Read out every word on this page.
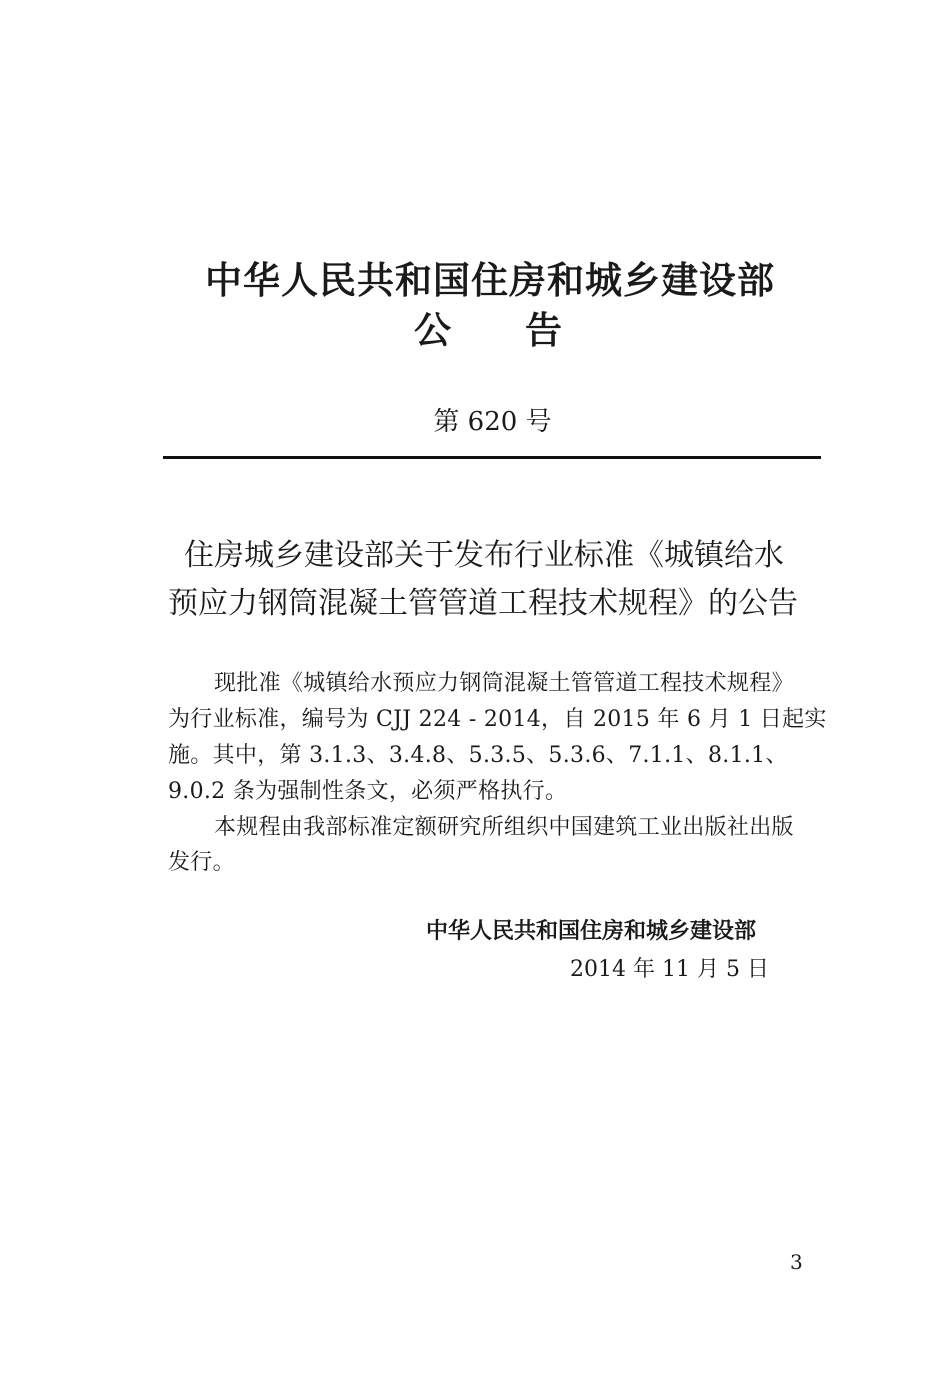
中华人民共和国住房和城乡建设部
公告
第 620 号
住房城乡建设部关于发布行业标准《城镇给水
预应力钢筒混凝土管管道工程技术规程》的公告
现批准《城镇给水预应力钢筒混凝土管管道工程技术规程》
为行业标准，编号为 CJJ 224 - 2014，自 2015 年 6 月 1 日起实
施。其中，第 3.1.3、3.4.8、5.3.5、5.3.6、7.1.1、8.1.1、
9.0.2 条为强制性条文，必须严格执行。
本规程由我部标准定额研究所组织中国建筑工业出版社出版
发行。
中华人民共和国住房和城乡建设部
2014 年 11 月 5 日
3
